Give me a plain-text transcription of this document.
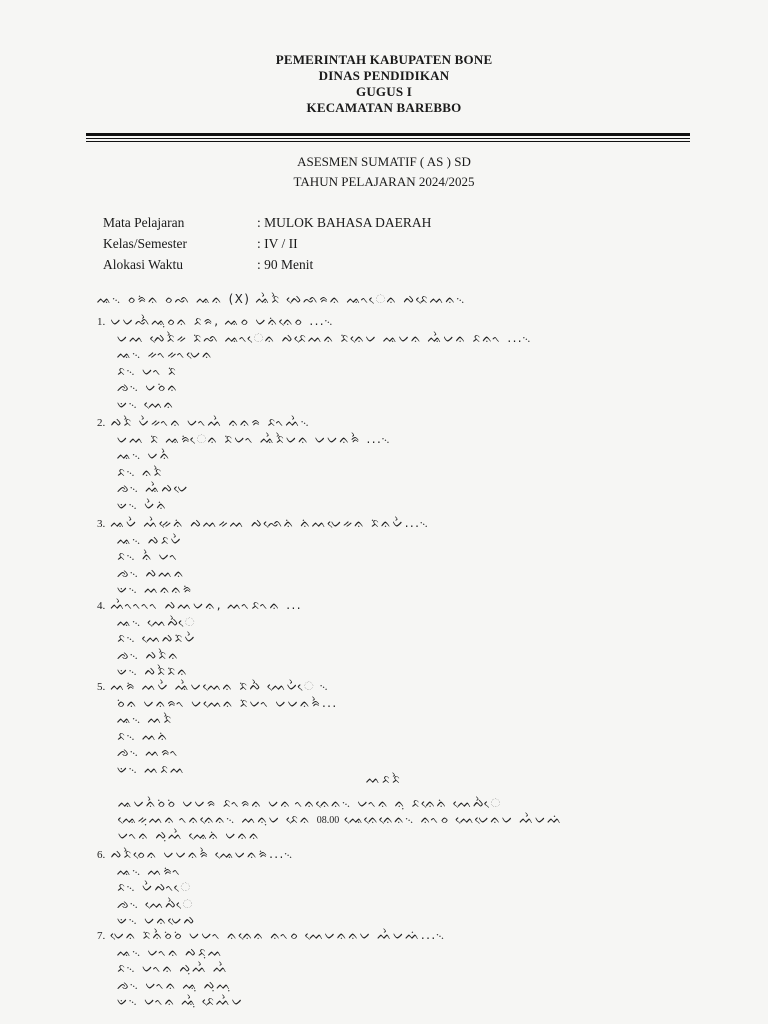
PEMERINTAH KABUPATEN BONE
DINAS PENDIDIKAN
GUGUS I
KECAMATAN BAREBBO
ASESMEN SUMATIF ( AS ) SD
TAHUN PELAJARAN 2024/2025
Mata Pelajaran	: MULOK BAHASA DAERAH
Kelas/Semester	: IV / II
Alokasi Waktu	: 90 Menit
ᨕ᨞ ᨔᨑᨗᨊ ᨔᨒ ᨕᨊ (X) ᨕᨛᨅᨛ ᨄᨙᨒᨑᨊ ᨕᨚᨙᨊ ᨄᨅᨙᨓᨊ᨞
1. ᨆᨆᨒᨛᨕᨘᨔᨊ ᨅᨑ, ᨕᨔ ᨆᨊᨗᨊᨙᨔ ...᨞
ᨆᨓ ᨄᨙᨅᨛᨀ ᨅᨗᨒ ᨕᨚᨙᨊ ᨄᨅᨙᨓᨊ ᨅᨗᨊᨙᨆ ᨕᨆᨊ ᨕᨛᨆᨊ ᨅᨊᨚ ...᨞
ᨕ᨞ ᨀᨚᨀᨚᨆᨙᨊ
ᨅ᨞ ᨆᨚ ᨅᨗ
ᨌ᨞ ᨆᨔᨗᨊ
ᨉ᨞ ᨓᨙᨊ
2. ᨄᨅᨛ ᨆᨛᨀᨚᨊ ᨆᨚᨓᨛ ᨊᨊᨑ ᨅᨚᨓᨛ᨞
ᨆᨓ ᨅᨗ ᨕᨑᨗᨙᨊ ᨅᨗᨆᨚ ᨕᨛᨅᨛᨆᨊ ᨆᨆᨊᨑᨛ ...᨞
ᨕ᨞ ᨆᨊᨛ
ᨅ᨞ ᨊᨅᨛ
ᨌ᨞ ᨕᨛᨄᨆᨙ
ᨉ᨞ ᨆᨛᨊᨗ
3. ᨕᨆᨛ ᨓᨛᨀᨙᨊᨗ ᨄᨓᨀᨓ ᨄᨒᨙᨊᨗ ᨊᨗᨓᨆᨙᨀᨊ ᨅᨗᨊᨆᨛ...᨞
ᨕ᨞ ᨄᨅᨆᨛ
ᨅ᨞ ᨊᨛ ᨆᨚ
ᨌ᨞ ᨄᨓᨊ
ᨉ᨞ ᨓᨊᨊᨑᨗ
4. ᨓᨛᨚᨚᨚᨚ ᨄᨓᨆᨊ, ᨓᨚᨅᨚᨊ ...
ᨕ᨞ ᨓᨙᨄᨛᨙ
ᨅ᨞ ᨓᨙᨄᨅᨗᨆᨛ
ᨌ᨞ ᨄᨅᨛᨊ
ᨉ᨞ ᨄᨅᨛᨅᨗᨊ
5. ᨓᨑᨗ ᨓᨆᨛ ᨕᨛᨆᨓᨙᨊ ᨅᨗᨄᨛ ᨓᨙᨆᨛᨙ ᨞
ᨔᨗᨊ ᨆᨊᨑᨚ ᨆᨓᨙᨊ ᨅᨗᨆᨚ ᨆᨆᨊᨑᨛ...
ᨕ᨞ ᨓᨅᨛ
ᨅ᨞ ᨓᨊᨗ
ᨌ᨞ ᨓᨑᨚ
ᨉ᨞ ᨓᨅᨓ
ᨓᨅᨅᨛ
ᨕᨆᨊᨛᨔᨗᨔᨗ ᨆᨆᨑ ᨅᨚᨑᨊ ᨆᨊ ᨚᨊᨊᨙᨊ᨞ ᨆᨚᨊ ᨊᨘ ᨅᨊᨙᨊᨗ ᨓᨙᨄᨛᨙ
ᨕᨙᨀᨘᨓᨊ ᨚᨊᨊᨙᨊ᨞ ᨓᨊᨘᨆ ᨅᨙᨊ 08.00 ᨕᨙᨊᨙᨊᨙᨊ᨞ ᨊᨚᨔ ᨓᨙᨆᨙᨊᨆ ᨓᨛᨆᨓᨗ
ᨆᨚᨊ ᨄᨘᨓᨛ ᨕᨙᨊᨗ ᨆᨊᨊ
6. ᨄᨅᨛᨔᨙᨊ ᨆᨆᨊᨑᨛ ᨕᨙᨆᨊᨑᨗ...᨞
ᨕ᨞ ᨓᨑᨗᨚ
ᨅ᨞ ᨆᨛᨄᨚᨙ
ᨌ᨞ ᨓᨙᨄᨛᨙ
ᨉ᨞ ᨆᨊᨆᨙᨄ
7. ᨆᨙᨊ ᨅᨗᨊᨛᨔᨗᨔᨗ ᨆᨆᨚ ᨊᨊᨙᨊ ᨊᨚᨔ ᨓᨙᨆᨊᨊᨆ ᨓᨛᨆᨓᨗ...᨞
ᨕ᨞ ᨆᨚᨊ ᨄᨅᨘᨓ
ᨅ᨞ ᨆᨚᨊ ᨄᨘᨓᨛ ᨓᨛ
ᨌ᨞ ᨆᨚᨊ ᨕᨘ ᨄᨘᨓᨘ
ᨉ᨞ ᨆᨚᨊ ᨕᨛᨘ ᨅᨙᨓᨛᨆ
